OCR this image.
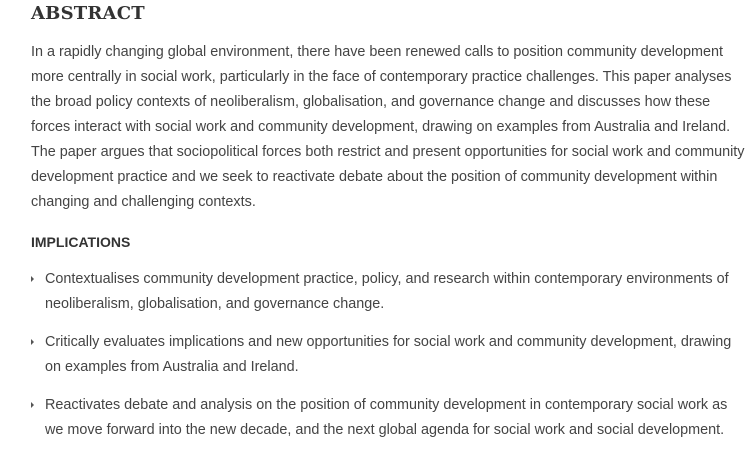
ABSTRACT

In a rapidly changing global environment, there have been renewed calls to position community development more centrally in social work, particularly in the face of contemporary practice challenges. This paper analyses the broad policy contexts of neoliberalism, globalisation, and governance change and discusses how these forces interact with social work and community development, drawing on examples from Australia and Ireland. The paper argues that sociopolitical forces both restrict and present opportunities for social work and community development practice and we seek to reactivate debate about the position of community development within changing and challenging contexts.

IMPLICATIONS
Contextualises community development practice, policy, and research within contemporary environments of neoliberalism, globalisation, and governance change.
Critically evaluates implications and new opportunities for social work and community development, drawing on examples from Australia and Ireland.
Reactivates debate and analysis on the position of community development in contemporary social work as we move forward into the new decade, and the next global agenda for social work and social development.
